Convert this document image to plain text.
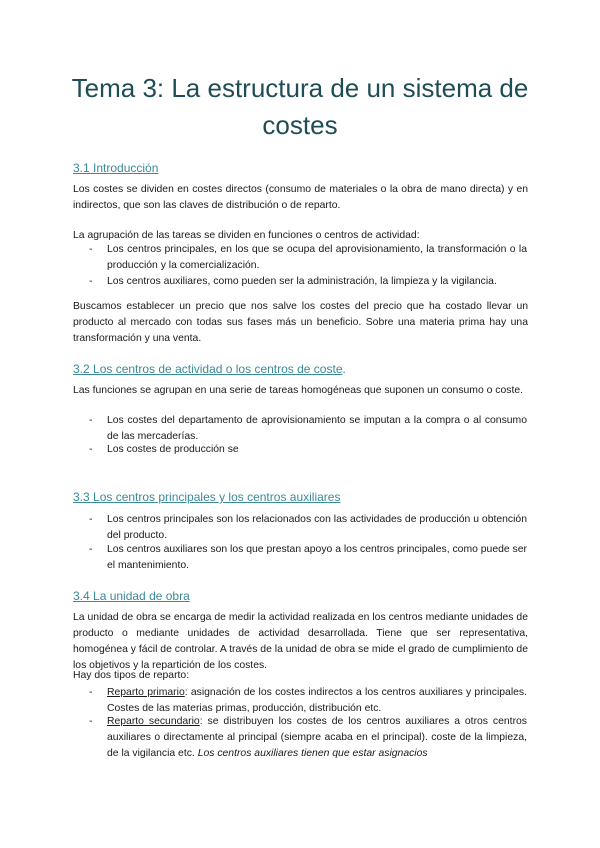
Tema 3: La estructura de un sistema de costes
3.1 Introducción

Los costes se dividen en costes directos (consumo de materiales o la obra de mano directa) y en indirectos, que son las claves de distribución o de reparto.

La agrupación de las tareas se dividen en funciones o centros de actividad:

- Los centros principales, en los que se ocupa del aprovisionamiento, la transformación o la producción y la comercialización.

- Los centros auxiliares, como pueden ser la administración, la limpieza y la vigilancia.

Buscamos establecer un precio que nos salve los costes del precio que ha costado llevar un producto al mercado con todas sus fases más un beneficio. Sobre una materia prima hay una transformación y una venta.

3.2 Los centros de actividad o los centros de coste.

Las funciones se agrupan en una serie de tareas homogéneas que suponen un consumo o coste.

- Los costes del departamento de aprovisionamiento se imputan a la compra o al consumo de las mercaderías.

- Los costes de producción se

3.3 Los centros principales y los centros auxiliares

- Los centros principales son los relacionados con las actividades de producción u obtención del producto.

- Los centros auxiliares son los que prestan apoyo a los centros principales, como puede ser el mantenimiento.

3.4 La unidad de obra

La unidad de obra se encarga de medir la actividad realizada en los centros mediante unidades de producto o mediante unidades de actividad desarrollada. Tiene que ser representativa, homogénea y fácil de controlar. A través de la unidad de obra se mide el grado de cumplimiento de los objetivos y la repartición de los costes.

Hay dos tipos de reparto:

- Reparto primario: asignación de los costes indirectos a los centros auxiliares y principales. Costes de las materias primas, producción, distribución etc.

- Reparto secundario: se distribuyen los costes de los centros auxiliares a otros centros auxiliares o directamente al principal (siempre acaba en el principal). coste de la limpieza, de la vigilancia etc. Los centros auxiliares tienen que estar asignacios
